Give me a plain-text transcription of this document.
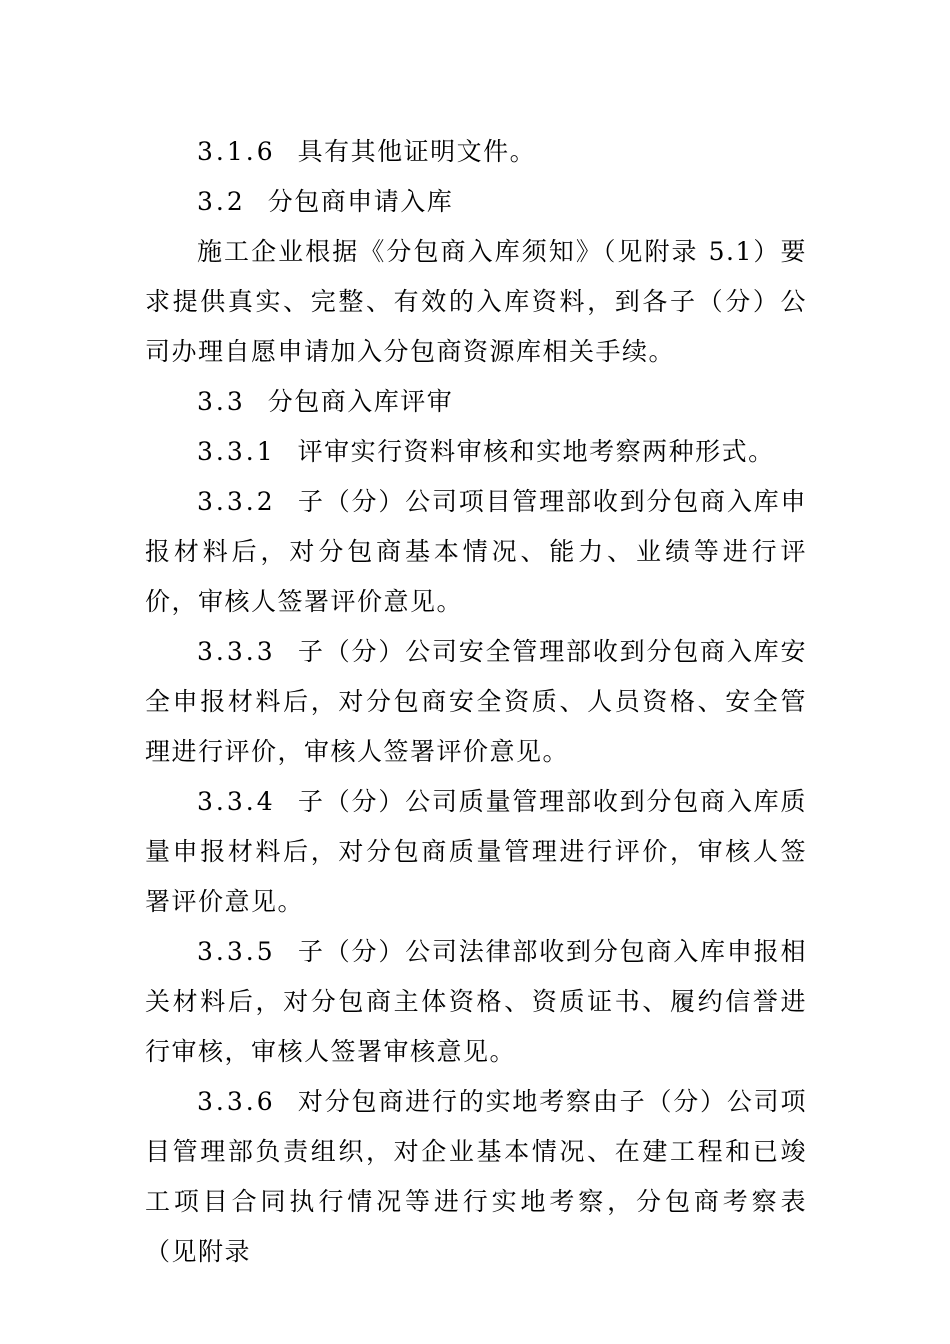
3.1.6 具有其他证明文件。

3.2 分包商申请入库

施工企业根据《分包商入库须知》（见附录 5.1）要求提供真实、完整、有效的入库资料，到各子（分）公司办理自愿申请加入分包商资源库相关手续。

3.3 分包商入库评审

3.3.1 评审实行资料审核和实地考察两种形式。

3.3.2 子（分）公司项目管理部收到分包商入库申报材料后，对分包商基本情况、能力、业绩等进行评价，审核人签署评价意见。

3.3.3 子（分）公司安全管理部收到分包商入库安全申报材料后，对分包商安全资质、人员资格、安全管理进行评价，审核人签署评价意见。

3.3.4 子（分）公司质量管理部收到分包商入库质量申报材料后，对分包商质量管理进行评价，审核人签署评价意见。

3.3.5 子（分）公司法律部收到分包商入库申报相关材料后，对分包商主体资格、资质证书、履约信誉进行审核，审核人签署审核意见。

3.3.6 对分包商进行的实地考察由子（分）公司项目管理部负责组织，对企业基本情况、在建工程和已竣工项目合同执行情况等进行实地考察，分包商考察表（见附录
